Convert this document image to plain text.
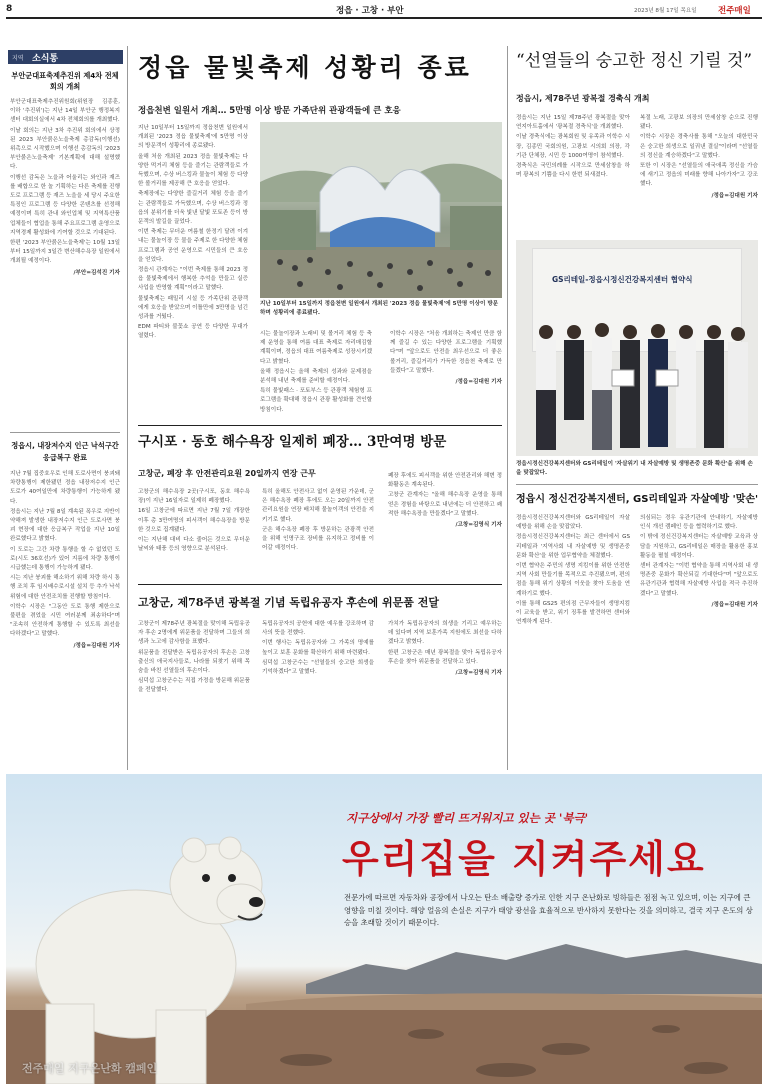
8	정읍 · 고창 · 부안	2023년 8월 17일 목요일	전주매일
지역 소식통
부안군대표축제추진위 제4차 전체회의 개최

부안군대표축제추진위원회(위원장 김종훈, 이하 '추진위')는 지난 14일 부안군 행정복지센터 대회의실에서 4차 전체회의를 개최했다.

이날 회의는 지난 3차 추진위 회의에서 상정된 2023 부안붉은노을축제 총감독(이행선) 위촉으로 시작했으며 이행선 총감독의 '2023 부안붉은노을축제' 기본계획에 대해 설명했다.

이행선 감독은 노을과 어울리는 와인과 재즈를 배합으로 한 놀 기획하는 다른 축제를 진행도로 프로그램 등 재즈 노을을 세 당시 주요한 특징인 프로그램 등 다양한 콘텐츠를 선정해 예정이며 특히 관내 와인업체 및 지역특산품 업체들이 협업을 통해 주요프로그램 운영으로 지역경제 활성화에 기여할 것으로 기대된다.

한편 '2023 부안붉은노을축제'는 10월 13일부터 15일까지 3일간 변산해수욕장 일원에서 개최될 예정이다.

/부안=김석진 기자
정읍시, 내장저수지 인근 낙석구간 응급복구 완료

지난 7월 집중호우로 인해 도로사면이 붕괴돼 차량통행이 제한됐던 정읍 내장저수지 인근 도로가 40여일만에 차량통행이 가능하게 됐다.

정읍시는 지난 7월 8일 계속된 폭우로 지반이 약해져 발생한 내장저수지 인근 도로사면 붕괴 현장에 대한 응급복구 작업을 지난 10일 완료했다고 밝혔다.

이 도로는 그간 차량 통행을 할 수 없었던 도로(시도 36호선)가 있어 지름에 차량 통행이 시급했는데 통행이 가능하게 됐다.

시는 지난 붕괴를 해소하기 위해 차량 하시 통행 조치 후 임시배수로시설 설치 등 추가 낙석위험에 대한 안전조치를 진행할 방침이다.

이학수 시장은 "그동안 도로 통행 제한으로 불편을 겪었을 시민 여러분께 죄송하다"며 "조속히 안전하게 통행할 수 있도록 최선을 다하겠다"고 말했다.

/정읍=김대원 기자
정읍 물빛축제 성황리 종료
정읍천변 일원서 개최… 5만명 이상 방문 가족단위 관광객들에 큰 호응

지난 10일부터 15일까지 정읍천변 일원에서 개최된 '2023 정읍 물빛축제'에 5만명 이상의 방문객이 성황리에 종료됐다.

올해 처음 개최된 2023 정읍 물빛축제는 다양한 먹거리 체험 등을 즐기는 관람객들로 가득했으며, 수상 버스킹과 물놀이 체험 등 다양한 볼거리를 제공해 큰 호응을 얻었다.

축제장에는 다양한 즐길거리 체험 등을 즐기는 관람객들로 가득했으며, 수상 버스킹과 정읍의 분위기를 더욱 빛낸 달빛 포토존 등이 방문객의 발길을 끌었다.

이번 축제는 무더운 여름철 한정기 달려 이겨내는 물놀이장 등 물을 주제로 한 다양한 체험 프로그램과 공연 운영으로 시민들의 큰 호응을 얻었다.

정읍시 관계자는 "이번 축제를 통해 2023 정읍 물빛축제에서 행복한 추억을 만들고 실증 사업을 반영할 계획"이라고 말했다.

물빛축제는 패밀리 시설 등 가족단위 관광객에게 호응을 받았으며 이틀만에 3만명을 넘긴 성과를 거뒀다.

EDM 파티와 불꽃쇼 공연 등 다양한 무대가 열렸다.

지난 10일부터 15일까지 정읍천변 일원에서 개최된 '2023 정읍 물빛축제'에 5만명 이상이 방문하며 성황리에 종료됐다.

시는 물놀이장과 노래비 및 볼거리 체험 등 축제 운영을 통해 여름 대표 축제로 자리매김할 계획이며, 정읍의 대표 여름축제로 성장시키겠다고 밝혔다.

올해 정읍시는 올해 축제의 성과와 문제점을 분석해 내년 축제를 준비할 예정이다.

특히 물빛패스 · 포토부스 등 관광객 체험형 프로그램을 확대해 정읍시 관광 활성화를 견인할 방침이다.

이학수 시장은 "처음 개최하는 축제인 만큼 함께 즐길 수 있는 다양한 프로그램을 기획했다"며 "앞으로도 안전을 최우선으로 더 좋은 볼거리, 즐길거리가 가득한 정읍천 축제로 만들겠다"고 말했다.

/정읍=김대원 기자
“선열들의 숭고한 정신 기릴 것”
정읍시, 제78주년 광복절 경축식 개최

정읍시는 지난 15일 제78주년 광복절을 맞아 연지아트홀에서 '광복절 경축식'을 개최했다.

이날 경축식에는 광복회원 및 유족과 이학수 시장, 김종민 국회의원, 고광보 시의회 의장, 각 기관 단체장, 시민 등 1000여명이 참석했다.

경축식은 국민의례를 시작으로 만세삼창을 하며 광복의 기쁨을 다시 한번 되새겼다.

복절 노래, 고광보 의장의 만세삼창 순으로 진행됐다.

이학수 시장은 경축사를 통해 "오늘의 대한민국은 숭고한 희생으로 일궈낸 결실"이라며 "선열들의 정신을 계승하겠다"고 말했다.

또한 이 시장은 "선열들의 애국애족 정신을 가슴에 새기고 정읍의 미래를 향해 나아가자"고 강조했다.

/정읍=김대원 기자
GS리테일-정읍시정신건강복지센터 협약식
정읍시정신건강복지센터와 GS리테일이 '자살위기 내 자살예방 및 생명존중 문화 확산'을 위해 손을 맞잡았다.
정읍시 정신건강복지센터, GS리테일과 자살예방 '맞손'

정읍시정신건강복지센터와 GS리테일이 자살예방을 위해 손을 맞잡았다.

정읍시정신건강복지센터는 최근 센터에서 GS리테일과 '지역사회 내 자살예방 및 생명존중 문화 확산'을 위한 업무협약을 체결했다.

이번 협약은 주민의 생명 지킴이를 위한 안전한 지역 사회 만들기를 목적으로 추진됐으며, 편의점을 통해 위기 상황의 이웃을 찾아 도움을 연계하기로 했다.

이를 통해 GS25 편의점 근무자들이 생명지킴이 교육을 받고, 위기 징후를 발견하면 센터와 연계하게 된다.

의심되는 경우 유관기관에 안내하기, 자살예방 인식 개선 캠페인 등을 협력하기로 했다.

이 밖에 정신건강복지센터는 자살예방 교육과 상담을 지원하고, GS리테일은 매장을 활용한 홍보 활동을 펼칠 예정이다.

센터 관계자는 "이번 협약을 통해 지역사회 내 생명존중 문화가 확산되길 기대한다"며 "앞으로도 유관기관과 협력해 자살예방 사업을 적극 추진하겠다"고 말했다.

/정읍=김대원 기자
구시포 · 동호 해수욕장 일제히 폐장… 3만여명 방문
고창군, 폐장 후 안전관리요원 20일까지 연장 근무

고창군의 해수욕장 2곳(구시포, 동호 해수욕장)이 지난 16일자로 일제히 폐장했다.

16일 고창군에 따르면 지난 7월 7일 개장한 이후 총 3만여명의 피서객이 해수욕장을 방문한 것으로 집계됐다.

이는 지난해 대비 다소 줄어든 것으로 무더운 날씨와 태풍 등의 영향으로 분석된다.

특히 올해도 안전사고 없이 운영된 가운데, 군은 해수욕장 폐장 후에도 오는 20일까지 안전관리요원을 연장 배치해 물놀이객의 안전을 지키기로 했다.

군은 해수욕장 폐장 후 방문하는 관광객 안전을 위해 인명구조 장비를 유지하고 정비를 이어갈 예정이다.

폐장 후에도 피서객을 위한 안전관리와 해변 정화활동은 계속된다.

고창군 관계자는 "올해 해수욕장 운영을 통해 얻은 경험을 바탕으로 내년에는 더 안전하고 쾌적한 해수욕장을 만들겠다"고 말했다.

/고창=김영식 기자
고창군, 제78주년 광복절 기념 독립유공자 후손에 위문품 전달

고창군이 제78주년 광복절을 맞이해 독립유공자 후손 2명에게 위문품을 전달하며 그들의 희생과 노고에 감사함을 표했다.

위문품을 전달받은 독립유공자의 후손은 고창 출신의 애국지사들로, 나라를 되찾기 위해 목숨을 바친 선열들의 후손이다.

심덕섭 고창군수는 직접 가정을 방문해 위문품을 전달했다.

독립유공자의 공헌에 대한 예우를 강조하며 감사의 뜻을 전했다.

이번 행사는 독립유공자와 그 가족의 명예를 높이고 보훈 문화를 확산하기 위해 마련됐다.

심덕섭 고창군수는 "선열들의 숭고한 희생을 기억하겠다"고 말했다.

가치가 독립유공자의 희생을 기리고 예우하는 데 있다며 지역 보훈가족 지원에도 최선을 다하겠다고 밝혔다.

한편 고창군은 매년 광복절을 맞아 독립유공자 후손을 찾아 위문품을 전달하고 있다.

/고창=김영식 기자
지구상에서 가장 빨리 뜨거워지고 있는 곳 '북극'
우리집을 지켜주세요
전문가에 따르면 자동차와 공장에서 나오는 탄소 배출량 증가로 인한 지구 온난화로 빙하들은 점점 녹고 있으며, 이는 지구에 큰 영향을 미칠 것이다. 해양 얼음의 손실은 지구가 태양 광선을 효율적으로 반사하지 못한다는 것을 의미하고, 결국 지구 온도의 상승을 초래할 것이기 때문이다.
전주매일 지구온난화 캠페인
